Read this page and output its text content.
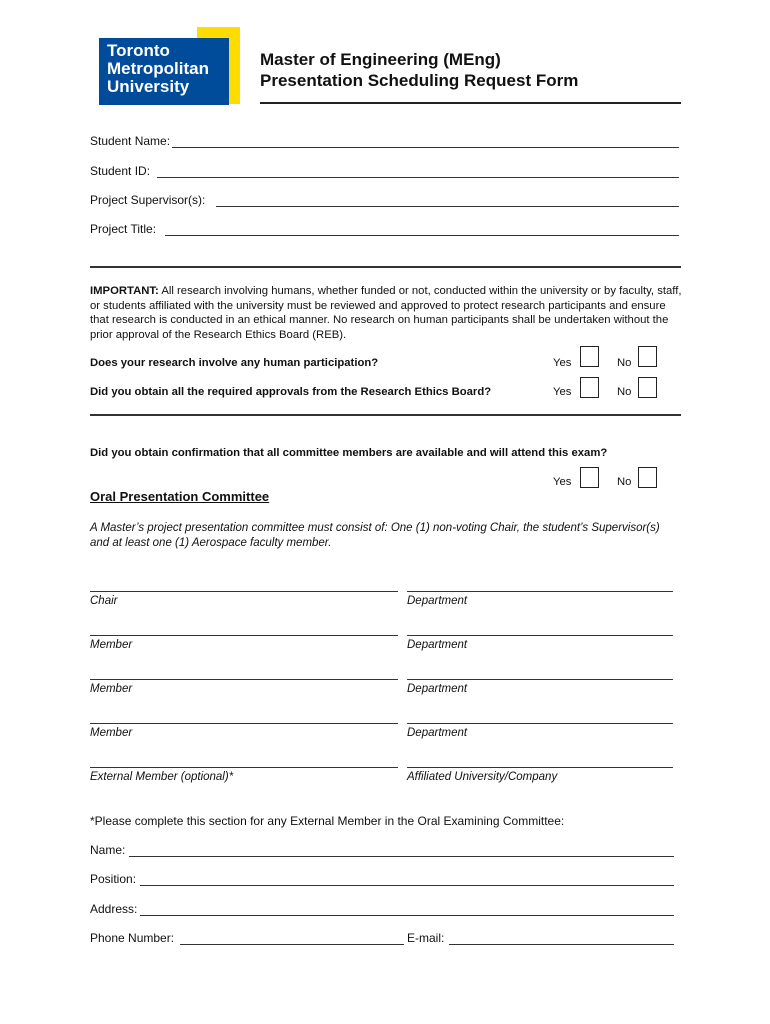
Toronto
Metropolitan
University
Master of Engineering (MEng)
Presentation Scheduling Request Form
Student Name:
Student ID:
Project Supervisor(s):
Project Title:
IMPORTANT: All research involving humans, whether funded or not, conducted within the university or by faculty, staff, or students affiliated with the university must be reviewed and approved to protect research participants and ensure that research is conducted in an ethical manner. No research on human participants shall be undertaken without the prior approval of the Research Ethics Board (REB).
Does your research involve any human participation?	Yes	No
Did you obtain all the required approvals from the Research Ethics Board?	Yes	No
Did you obtain confirmation that all committee members are available and will attend this exam?
Yes	No
Oral Presentation Committee
A Master’s project presentation committee must consist of: One (1) non-voting Chair, the student’s Supervisor(s) and at least one (1) Aerospace faculty member.
Chair	Department
Member	Department
Member	Department
Member	Department
External Member (optional)*	Affiliated University/Company
*Please complete this section for any External Member in the Oral Examining Committee:
Name:
Position:
Address:
Phone Number:	E-mail:
